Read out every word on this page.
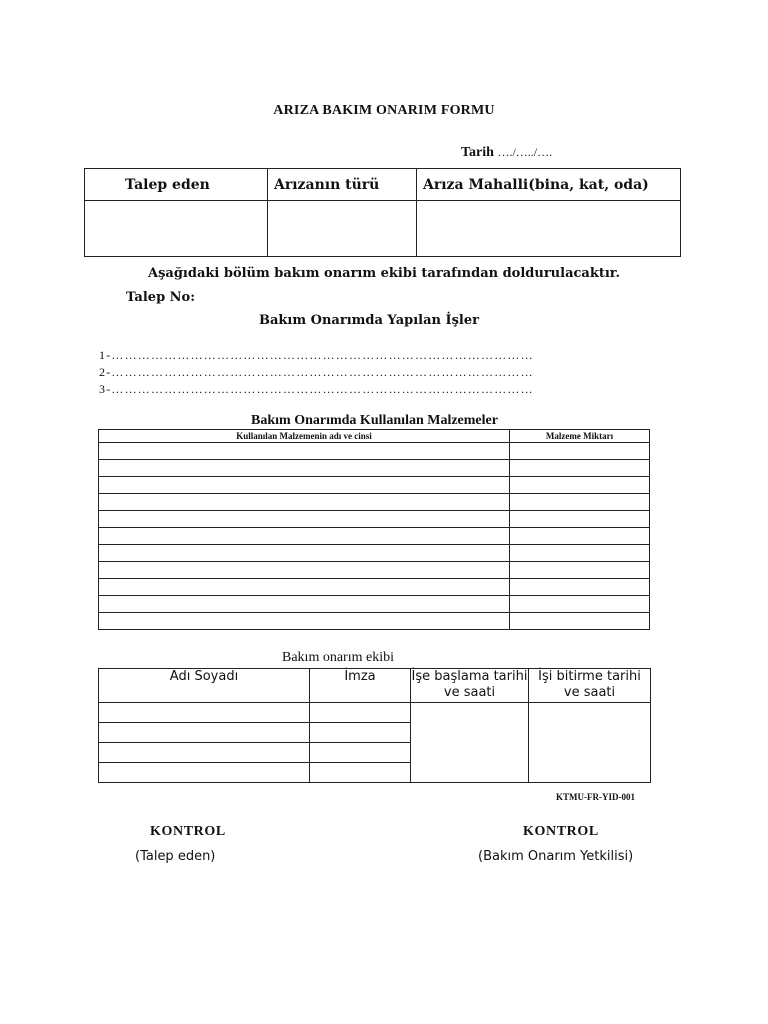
ARIZA BAKIM ONARIM FORMU
Tarih …./…../….
Talep eden	Arızanın türü	Arıza Mahalli(bina, kat, oda)

Aşağıdaki bölüm bakım onarım ekibi tarafından doldurulacaktır.
Talep No:
Bakım Onarımda Yapılan İşler
1-……………………………………………………………………………………
2-……………………………………………………………………………………
3-……………………………………………………………………………………
Bakım Onarımda Kullanılan Malzemeler
Kullanılan Malzemenin adı ve cinsi	Malzeme Miktarı

Bakım onarım ekibi
Adı Soyadı	İmza	İşe başlama tarihi ve saati	İşi bitirme tarihi ve saati

KTMU-FR-YID-001
KONTROL	KONTROL
(Talep eden)	(Bakım Onarım Yetkilisi)
